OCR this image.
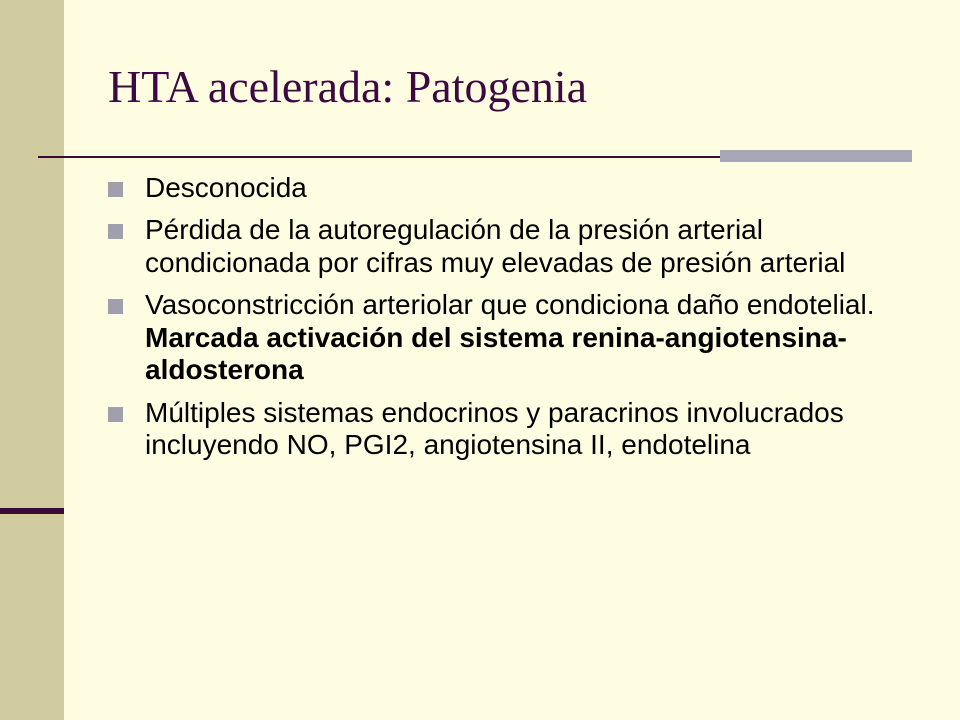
HTA acelerada: Patogenia
Desconocida
Pérdida de la autoregulación de la presión arterial condicionada por cifras muy elevadas de presión arterial
Vasoconstricción arteriolar que condiciona daño endotelial. Marcada activación del sistema renina-angiotensina-aldosterona
Múltiples sistemas endocrinos y paracrinos involucrados incluyendo NO, PGI2, angiotensina II, endotelina
